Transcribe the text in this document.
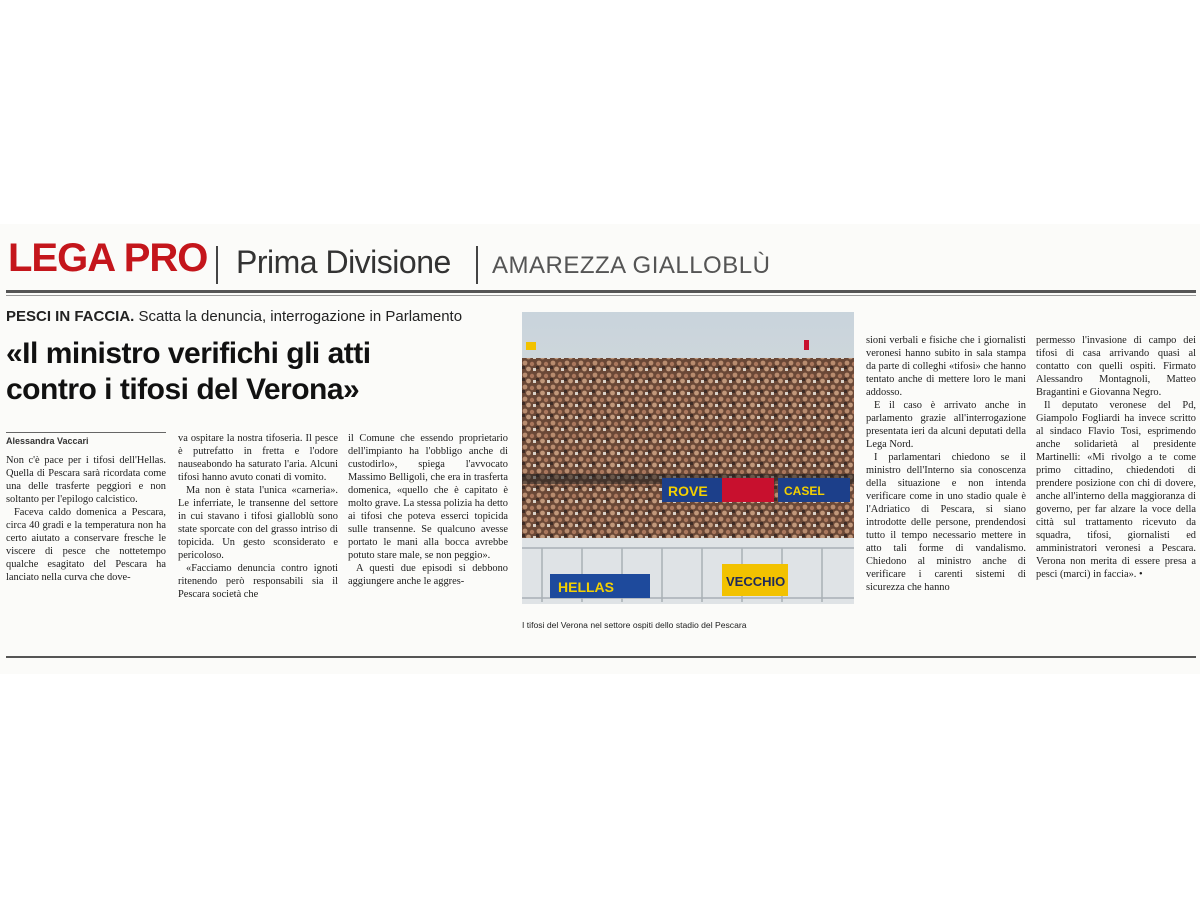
LEGA PRO Prima Divisione AMAREZZA GIALLOBLÙ
PESCI IN FACCIA. Scatta la denuncia, interrogazione in Parlamento
«Il ministro verifichi gli atti
contro i tifosi del Verona»
Alessandra Vaccari

Non c'è pace per i tifosi dell'Hellas. Quella di Pescara sarà ricordata come una delle trasferte peggiori e non soltanto per l'epilogo calcistico.

Faceva caldo domenica a Pescara, circa 40 gradi e la temperatura non ha certo aiutato a conservare fresche le viscere di pesce che nottetempo qualche esagitato del Pescara ha lanciato nella curva che dove-

va ospitare la nostra tifoseria. Il pesce è putrefatto in fretta e l'odore nauseabondo ha saturato l'aria. Alcuni tifosi hanno avuto conati di vomito.

Ma non è stata l'unica «carneria». Le inferriate, le transenne del settore in cui stavano i tifosi gialloblù sono state sporcate con del grasso intriso di topicida. Un gesto sconsiderato e pericoloso.

«Facciamo denuncia contro ignoti ritenendo però responsabili sia il Pescara società che

il Comune che essendo proprietario dell'impianto ha l'obbligo anche di custodirlo», spiega l'avvocato Massimo Belligoli, che era in trasferta domenica, «quello che è capitato è molto grave. La stessa polizia ha detto ai tifosi che poteva esserci topicida sulle transenne. Se qualcuno avesse portato le mani alla bocca avrebbe potuto stare male, se non peggio».

A questi due episodi si debbono aggiungere anche le aggres-

ROVE	CASEL
HELLAS	VECCHIO
I tifosi del Verona nel settore ospiti dello stadio del Pescara

sioni verbali e fisiche che i giornalisti veronesi hanno subito in sala stampa da parte di colleghi «tifosi» che hanno tentato anche di mettere loro le mani addosso.

E il caso è arrivato anche in parlamento grazie all'interrogazione presentata ieri da alcuni deputati della Lega Nord.

I parlamentari chiedono se il ministro dell'Interno sia conoscenza della situazione e non intenda verificare come in uno stadio quale è l'Adriatico di Pescara, si siano introdotte delle persone, prendendosi tutto il tempo necessario mettere in atto tali forme di vandalismo. Chiedono al ministro anche di verificare i carenti sistemi di sicurezza che hanno

permesso l'invasione di campo dei tifosi di casa arrivando quasi al contatto con quelli ospiti. Firmato Alessandro Montagnoli, Matteo Bragantini e Giovanna Negro.

Il deputato veronese del Pd, Giampolo Fogliardi ha invece scritto al sindaco Flavio Tosi, esprimendo anche solidarietà al presidente Martinelli: «Mi rivolgo a te come primo cittadino, chiedendoti di prendere posizione con chi di dovere, anche all'interno della maggioranza di governo, per far alzare la voce della città sul trattamento ricevuto da squadra, tifosi, giornalisti ed amministratori veronesi a Pescara. Verona non merita di essere presa a pesci (marci) in faccia». •
